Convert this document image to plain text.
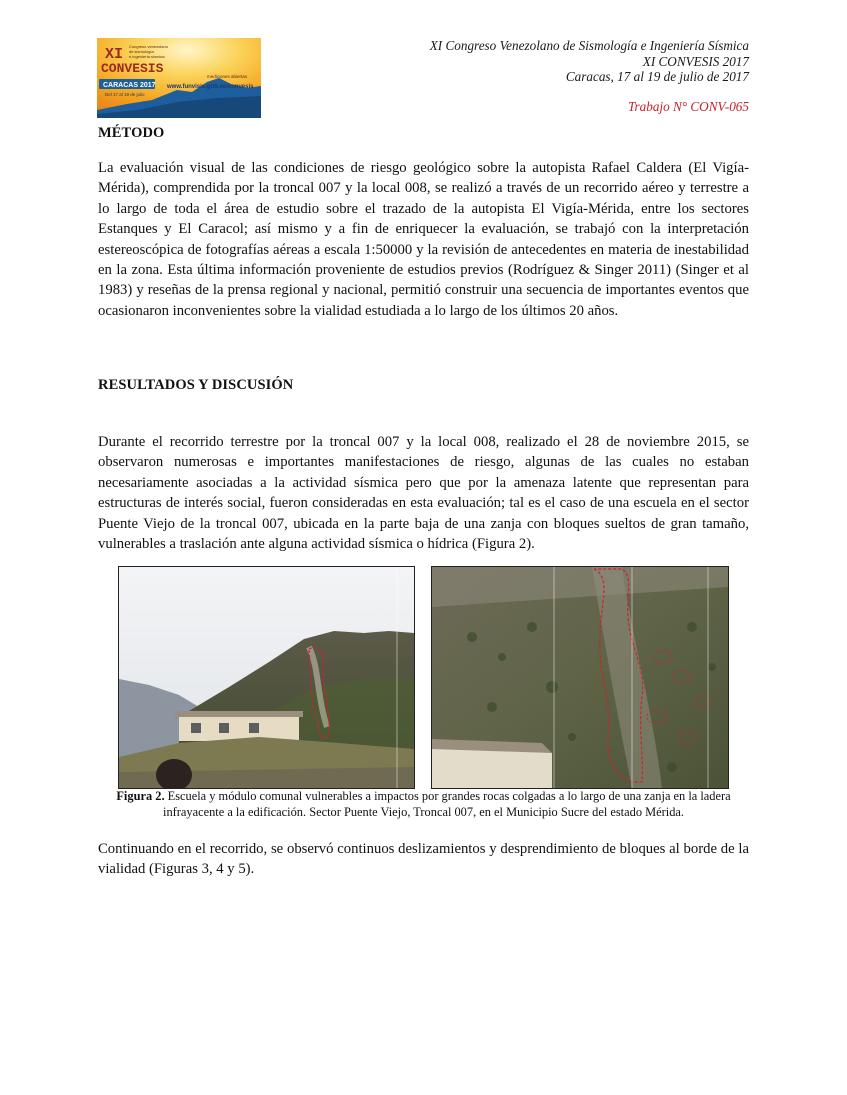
XI
CONVESIS
Congreso venezolano
de sismología
e ingeniería sísmica
CARACAS 2017
Del 17 al 19 de julio
mediciones abiertas
www.funvisis.gob.ve/convesis
XI Congreso Venezolano de Sismología e Ingeniería Sísmica
XI CONVESIS 2017
Caracas, 17 al 19 de julio de 2017
Trabajo N° CONV-065
MÉTODO

La evaluación visual de las condiciones de riesgo geológico sobre la autopista Rafael Caldera (El Vigía-Mérida), comprendida por la troncal 007 y la local 008, se realizó a través de un recorrido aéreo y terrestre a lo largo de toda el área de estudio sobre el trazado de la autopista El Vigía-Mérida, entre los sectores Estanques y El Caracol; así mismo y a fin de enriquecer la evaluación, se trabajó con la interpretación estereoscópica de fotografías aéreas a escala 1:50000 y la revisión de antecedentes en materia de inestabilidad en la zona. Esta última información proveniente de estudios previos (Rodríguez & Singer 2011) (Singer et al 1983) y reseñas de la prensa regional y nacional, permitió construir una secuencia de importantes eventos que ocasionaron inconvenientes sobre la vialidad estudiada a lo largo de los últimos 20 años.

RESULTADOS Y DISCUSIÓN

Durante el recorrido terrestre por la troncal 007 y la local 008, realizado el 28 de noviembre 2015, se observaron numerosas e importantes manifestaciones de riesgo, algunas de las cuales no estaban necesariamente asociadas a la actividad sísmica pero que por la amenaza latente que representan para estructuras de interés social, fueron consideradas en esta evaluación; tal es el caso de una escuela en el sector Puente Viejo de la troncal 007, ubicada en la parte baja de una zanja con bloques sueltos de gran tamaño, vulnerables a traslación ante alguna actividad sísmica o hídrica (Figura 2).

Figura 2. Escuela y módulo comunal vulnerables a impactos por grandes rocas colgadas a lo largo de una zanja en la ladera infrayacente a la edificación. Sector Puente Viejo, Troncal 007, en el Municipio Sucre del estado Mérida.

Continuando en el recorrido, se observó continuos deslizamientos y desprendimiento de bloques al borde de la vialidad (Figuras 3, 4 y 5).
